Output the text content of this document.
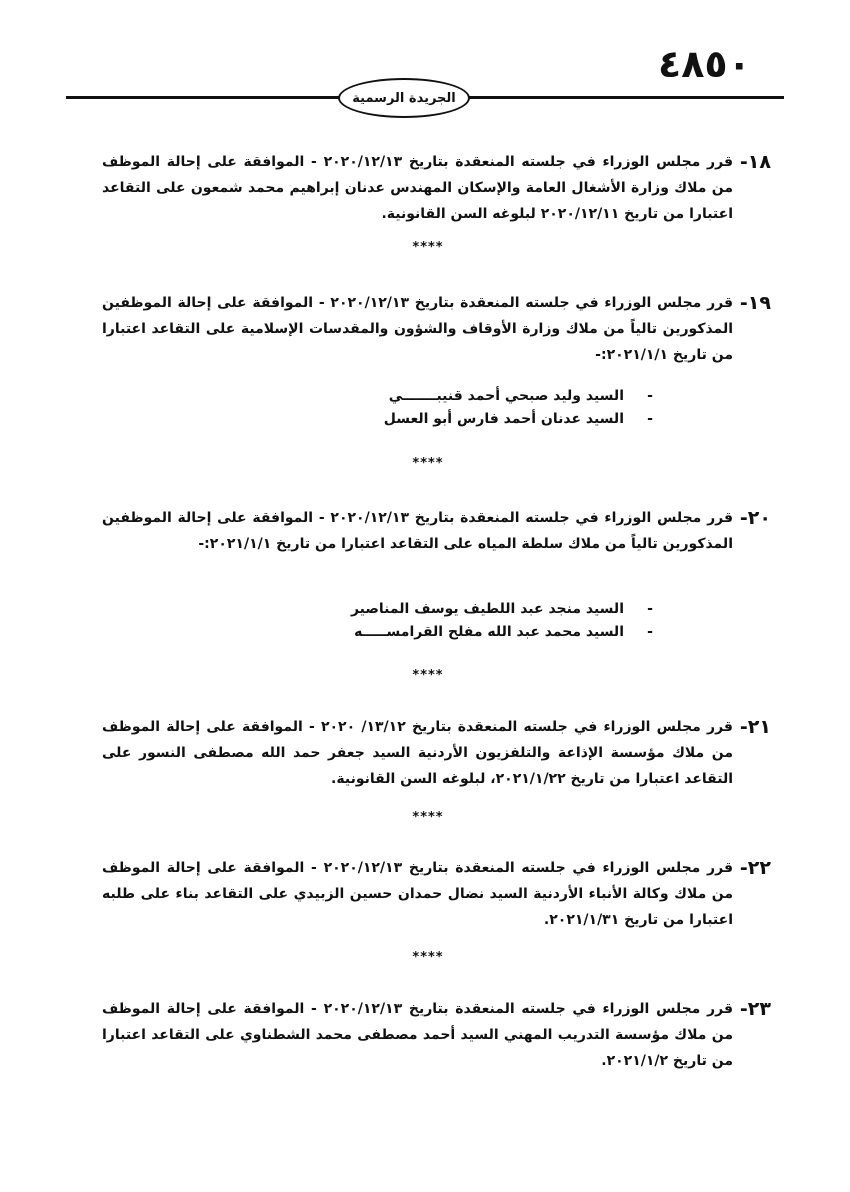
٤٨٥٠
الجريدة الرسمية
١٨-

قرر مجلس الوزراء في جلسته المنعقدة بتاريخ ٢٠٢٠/١٢/١٣ - الموافقة على إحالة الموظف من ملاك وزارة الأشغال العامة والإسكان المهندس عدنان إبراهيم محمد شمعون على التقاعد اعتبارا من تاريخ ٢٠٢٠/١٢/١١ لبلوغه السن القانونية.

****
١٩-

قرر مجلس الوزراء في جلسته المنعقدة بتاريخ ٢٠٢٠/١٢/١٣ - الموافقة على إحالة الموظفين المذكورين تالياً من ملاك وزارة الأوقاف والشؤون والمقدسات الإسلامية على التقاعد اعتبارا من تاريخ ٢٠٢١/١/١:-

-
السيد وليد صبحي أحمد قنيبـــــــي
-
السيد عدنان أحمد فارس أبو العسل
****
٢٠-

قرر مجلس الوزراء في جلسته المنعقدة بتاريخ ٢٠٢٠/١٢/١٣ - الموافقة على إحالة الموظفين المذكورين تالياً من ملاك سلطة المياه على التقاعد اعتبارا من تاريخ ٢٠٢١/١/١:-

-
السيد منجد عبد اللطيف يوسف المناصير
-
السيد محمد عبد الله مفلح القرامســـــه
****
٢١-

قرر مجلس الوزراء في جلسته المنعقدة بتاريخ ١٣/١٢/ ٢٠٢٠ - الموافقة على إحالة الموظف من ملاك مؤسسة الإذاعة والتلفزيون الأردنية السيد جعفر حمد الله مصطفى النسور على التقاعد اعتبارا من تاريخ ٢٠٢١/١/٢٢، لبلوغه السن القانونية.

****
٢٢-

قرر مجلس الوزراء في جلسته المنعقدة بتاريخ ٢٠٢٠/١٢/١٣ - الموافقة على إحالة الموظف من ملاك وكالة الأنباء الأردنية السيد نضال حمدان حسين الزبيدي على التقاعد بناء على طلبه اعتبارا من تاريخ ٢٠٢١/١/٣١.

****
٢٣-

قرر مجلس الوزراء في جلسته المنعقدة بتاريخ ٢٠٢٠/١٢/١٣ - الموافقة على إحالة الموظف من ملاك مؤسسة التدريب المهني السيد أحمد مصطفى محمد الشطناوي على التقاعد اعتبارا من تاريخ ٢٠٢١/١/٢.
